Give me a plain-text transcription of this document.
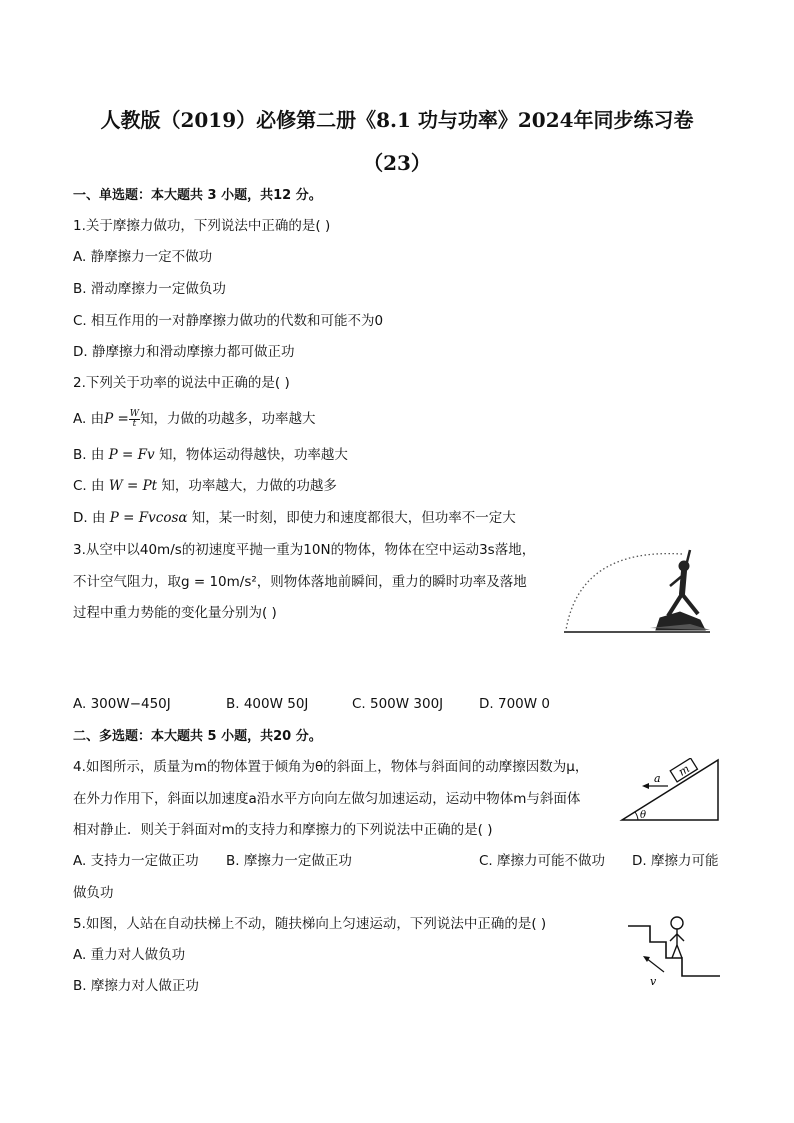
人教版（2019）必修第二册《8.1 功与功率》2024年同步练习卷
（23）
一、单选题：本大题共 3 小题，共12 分。
1.关于摩擦力做功，下列说法中正确的是( )
A. 静摩擦力一定不做功
B. 滑动摩擦力一定做负功
C. 相互作用的一对静摩擦力做功的代数和可能不为0
D. 静摩擦力和滑动摩擦力都可做正功
2.下列关于功率的说法中正确的是( )
A. 由$P = \frac{W}{t}$ 知，力做的功越多，功率越大
B. 由 P = Fv 知，物体运动得越快，功率越大
C. 由 W = Pt 知，功率越大，力做的功越多
D. 由 P = Fvcosα 知，某一时刻，即使力和速度都很大，但功率不一定大
3.从空中以40m/s的初速度平抛一重为10N的物体，物体在空中运动3s落地，
不计空气阻力，取g = 10m/s²，则物体落地前瞬间，重力的瞬时功率及落地
过程中重力势能的变化量分别为( )
A. 300W−450J	B. 400W 50J	C. 500W 300J	D. 700W 0
二、多选题：本大题共 5 小题，共20 分。
4.如图所示，质量为m的物体置于倾角为θ的斜面上，物体与斜面间的动摩擦因数为μ，
在外力作用下，斜面以加速度a沿水平方向向左做匀加速运动，运动中物体m与斜面体
相对静止．则关于斜面对m的支持力和摩擦力的下列说法中正确的是( )
m
a
θ
A. 支持力一定做正功 B. 摩擦力一定做正功	C. 摩擦力可能不做功 D. 摩擦力可能
做负功
5.如图，人站在自动扶梯上不动，随扶梯向上匀速运动，下列说法中正确的是( )
A. 重力对人做负功
B. 摩擦力对人做正功	v
